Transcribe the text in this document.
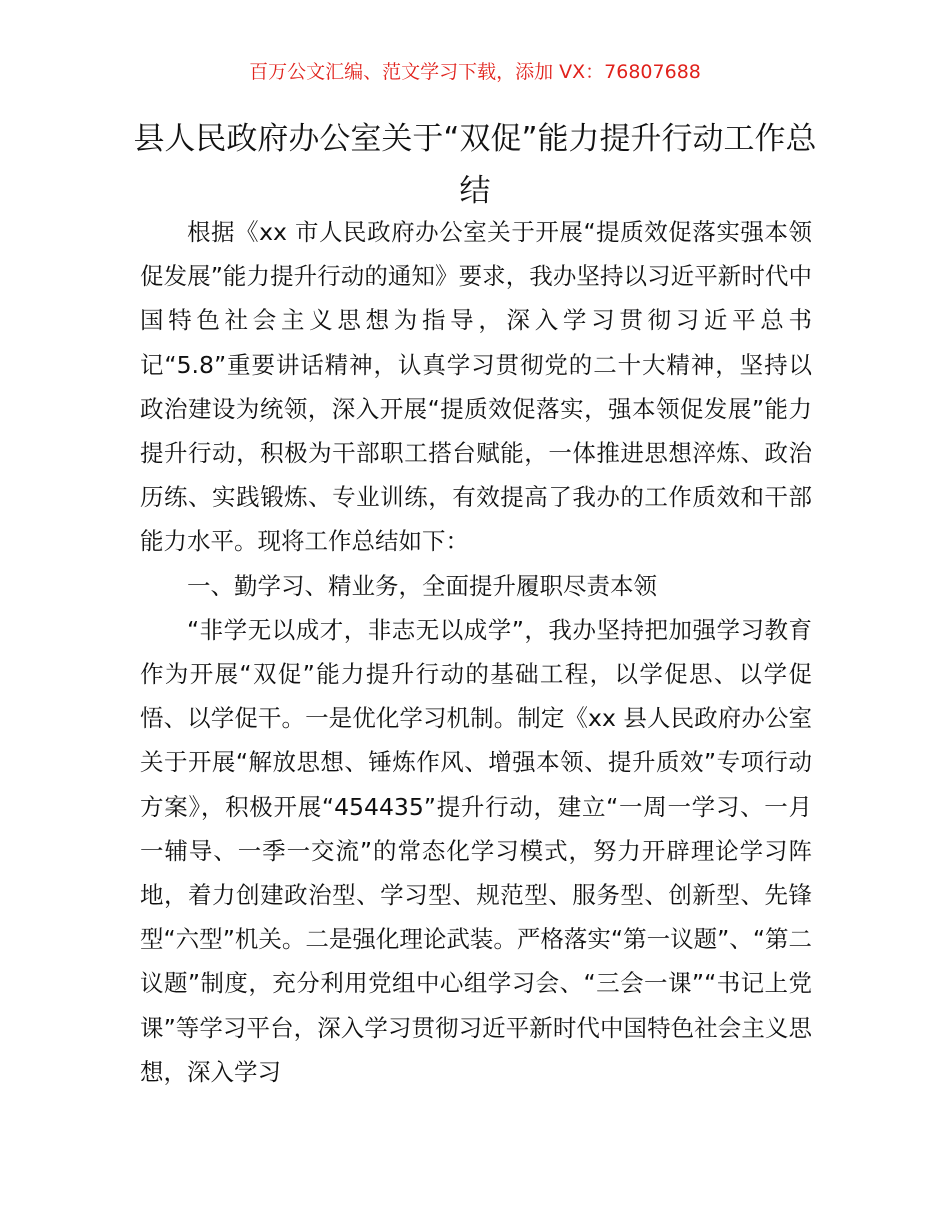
百万公文汇编、范文学习下载，添加 VX：76807688
县人民政府办公室关于“双促”能力提升行动工作总结

根据《xx 市人民政府办公室关于开展“提质效促落实强本领促发展”能力提升行动的通知》要求，我办坚持以习近平新时代中国特色社会主义思想为指导，深入学习贯彻习近平总书记“5.8”重要讲话精神，认真学习贯彻党的二十大精神，坚持以政治建设为统领，深入开展“提质效促落实，强本领促发展”能力提升行动，积极为干部职工搭台赋能，一体推进思想淬炼、政治历练、实践锻炼、专业训练，有效提高了我办的工作质效和干部能力水平。现将工作总结如下：

一、勤学习、精业务，全面提升履职尽责本领

“非学无以成才，非志无以成学”，我办坚持把加强学习教育作为开展“双促”能力提升行动的基础工程，以学促思、以学促悟、以学促干。一是优化学习机制。制定《xx 县人民政府办公室关于开展“解放思想、锤炼作风、增强本领、提升质效”专项行动方案》，积极开展“454435”提升行动，建立“一周一学习、一月一辅导、一季一交流”的常态化学习模式，努力开辟理论学习阵地，着力创建政治型、学习型、规范型、服务型、创新型、先锋型“六型”机关。二是强化理论武装。严格落实“第一议题”、“第二议题”制度，充分利用党组中心组学习会、“三会一课”“书记上党课”等学习平台，深入学习贯彻习近平新时代中国特色社会主义思想，深入学习
